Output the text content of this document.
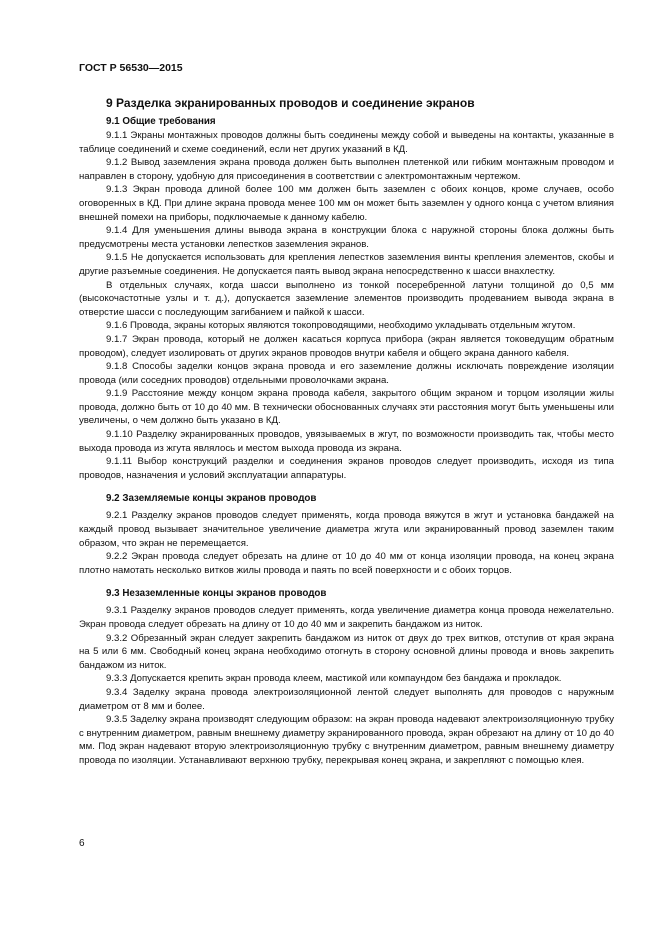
ГОСТ Р 56530—2015
9 Разделка экранированных проводов и соединение экранов
9.1 Общие требования

9.1.1 Экраны монтажных проводов должны быть соединены между собой и выведены на контакты, указанные в таблице соединений и схеме соединений, если нет других указаний в КД.

9.1.2 Вывод заземления экрана провода должен быть выполнен плетенкой или гибким монтажным проводом и направлен в сторону, удобную для присоединения в соответствии с электромонтажным чертежом.

9.1.3 Экран провода длиной более 100 мм должен быть заземлен с обоих концов, кроме случаев, особо оговоренных в КД. При длине экрана провода менее 100 мм он может быть заземлен у одного конца с учетом влияния внешней помехи на приборы, подключаемые к данному кабелю.

9.1.4 Для уменьшения длины вывода экрана в конструкции блока с наружной стороны блока должны быть предусмотрены места установки лепестков заземления экранов.

9.1.5 Не допускается использовать для крепления лепестков заземления винты крепления элементов, скобы и другие разъемные соединения. Не допускается паять вывод экрана непосредственно к шасси внахлестку.

В отдельных случаях, когда шасси выполнено из тонкой посеребренной латуни толщиной до 0,5 мм (высокочастотные узлы и т. д.), допускается заземление элементов производить продеванием вывода экрана в отверстие шасси с последующим загибанием и пайкой к шасси.

9.1.6 Провода, экраны которых являются токопроводящими, необходимо укладывать отдельным жгутом.

9.1.7 Экран провода, который не должен касаться корпуса прибора (экран является токоведущим обратным проводом), следует изолировать от других экранов проводов внутри кабеля и общего экрана данного кабеля.

9.1.8 Способы заделки концов экрана провода и его заземление должны исключать повреждение изоляции провода (или соседних проводов) отдельными проволочками экрана.

9.1.9 Расстояние между концом экрана провода кабеля, закрытого общим экраном и торцом изоляции жилы провода, должно быть от 10 до 40 мм. В технически обоснованных случаях эти расстояния могут быть уменьшены или увеличены, о чем должно быть указано в КД.

9.1.10 Разделку экранированных проводов, увязываемых в жгут, по возможности производить так, чтобы место выхода провода из жгута являлось и местом выхода провода из экрана.

9.1.11 Выбор конструкций разделки и соединения экранов проводов следует производить, исходя из типа проводов, назначения и условий эксплуатации аппаратуры.

9.2 Заземляемые концы экранов проводов

9.2.1 Разделку экранов проводов следует применять, когда провода вяжутся в жгут и установка бандажей на каждый провод вызывает значительное увеличение диаметра жгута или экранированный провод заземлен таким образом, что экран не перемещается.

9.2.2 Экран провода следует обрезать на длине от 10 до 40 мм от конца изоляции провода, на конец экрана плотно намотать несколько витков жилы провода и паять по всей поверхности и с обоих торцов.

9.3 Незаземленные концы экранов проводов

9.3.1 Разделку экранов проводов следует применять, когда увеличение диаметра конца провода нежелательно. Экран провода следует обрезать на длину от 10 до 40 мм и закрепить бандажом из ниток.

9.3.2 Обрезанный экран следует закрепить бандажом из ниток от двух до трех витков, отступив от края экрана на 5 или 6 мм. Свободный конец экрана необходимо отогнуть в сторону основной длины провода и вновь закрепить бандажом из ниток.

9.3.3 Допускается крепить экран провода клеем, мастикой или компаундом без бандажа и прокладок.

9.3.4 Заделку экрана провода электроизоляционной лентой следует выполнять для проводов с наружным диаметром от 8 мм и более.

9.3.5 Заделку экрана производят следующим образом: на экран провода надевают электроизоляционную трубку с внутренним диаметром, равным внешнему диаметру экранированного провода, экран обрезают на длину от 10 до 40 мм. Под экран надевают вторую электроизоляционную трубку с внутренним диаметром, равным внешнему диаметру провода по изоляции. Устанавливают верхнюю трубку, перекрывая конец экрана, и закрепляют с помощью клея.

6
